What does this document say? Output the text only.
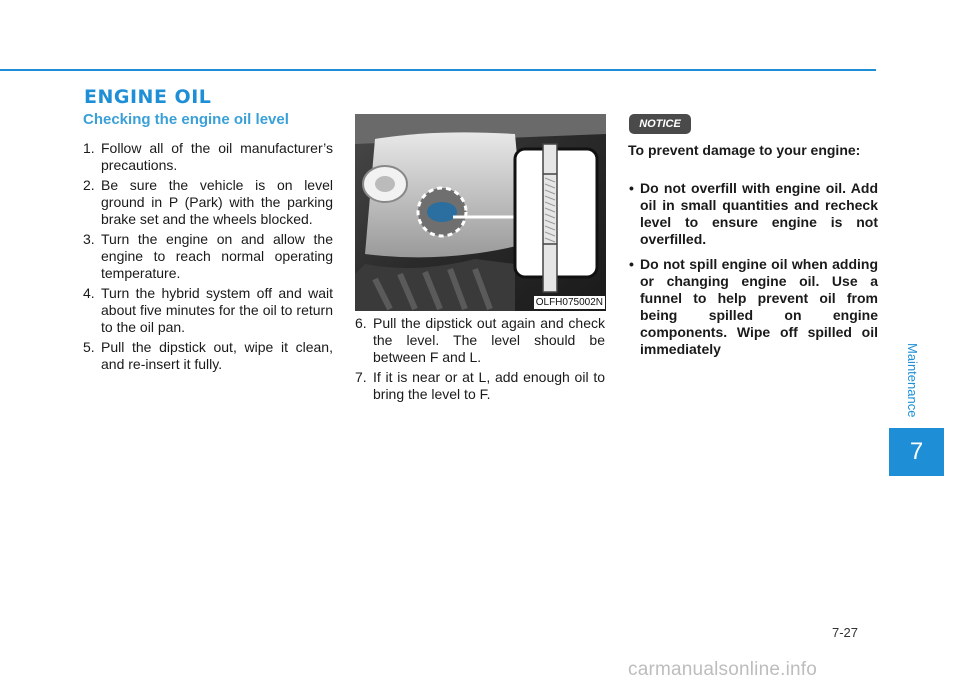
ENGINE OIL
Checking the engine oil level
1. Follow all of the oil manufacturer’s precautions.
2. Be sure the vehicle is on level ground in P (Park) with the parking brake set and the wheels blocked.
3. Turn the engine on and allow the engine to reach normal operating temperature.
4. Turn the hybrid system off and wait about five minutes for the oil to return to the oil pan.
5. Pull the dipstick out, wipe it clean, and re-insert it fully.
OLFH075002N
6. Pull the dipstick out again and check the level. The level should be between F and L.
7. If it is near or at L, add enough oil to bring the level to F.
NOTICE

To prevent damage to your engine:

• Do not overfill with engine oil. Add oil in small quantities and recheck level to ensure engine is not overfilled.
• Do not spill engine oil when adding or changing engine oil. Use a funnel to help prevent oil from being spilled on engine components. Wipe off spilled oil immediately	Maintenance
7
7-27
carmanualsonline.info
